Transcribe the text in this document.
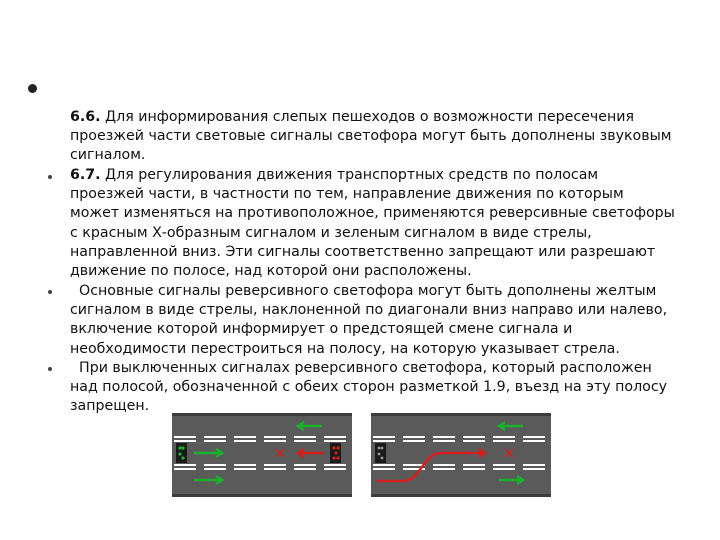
6.6. Для информирования слепых пешеходов о возможности пересечения проезжей части световые сигналы светофора могут быть дополнены звуковым сигналом.
6.7. Для регулирования движения транспортных средств по полосам проезжей части, в частности по тем, направление движения по которым может изменяться на противоположное, применяются реверсивные светофоры с красным Х-образным сигналом и зеленым сигналом в виде стрелы, направленной вниз. Эти сигналы соответственно запрещают или разрешают движение по полосе, над которой они расположены.
Основные сигналы реверсивного светофора могут быть дополнены желтым сигналом в виде стрелы, наклоненной по диагонали вниз направо или налево, включение которой информирует о предстоящей смене сигнала и необходимости перестроиться на полосу, на которую указывает стрела.
При выключенных сигналах реверсивного светофора, который расположен над полосой, обозначенной с обеих сторон разметкой 1.9, въезд на эту полосу запрещен.
